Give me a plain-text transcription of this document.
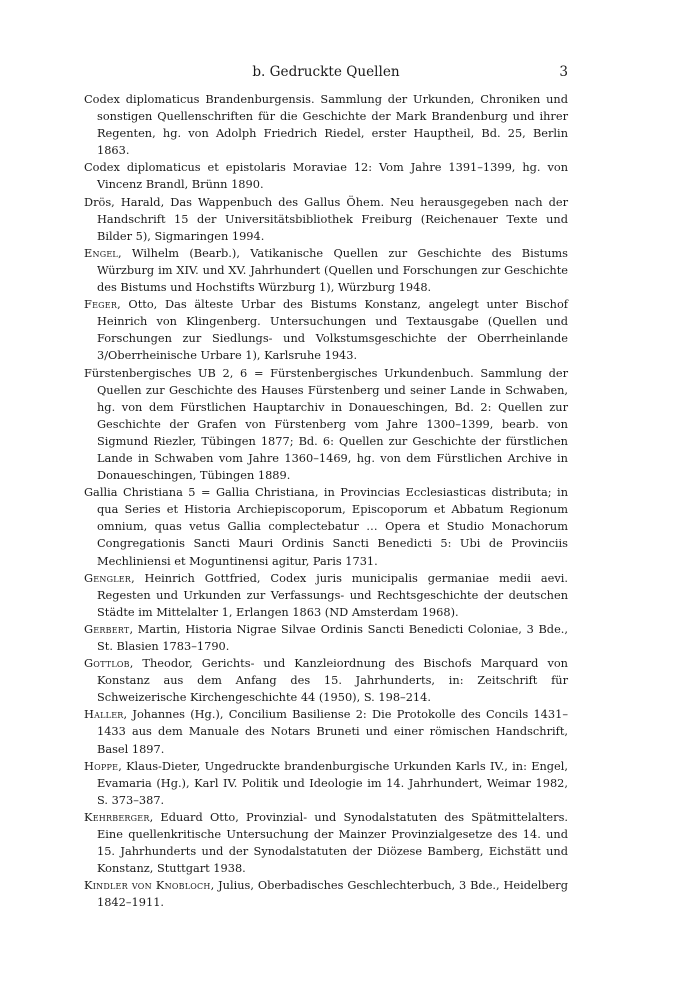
b. Gedruckte Quellen	3

Codex diplomaticus Brandenburgensis. Sammlung der Urkunden, Chroniken und sonstigen Quellenschriften für die Geschichte der Mark Brandenburg und ihrer Regenten, hg. von Adolph Friedrich Riedel, erster Hauptheil, Bd. 25, Berlin 1863.

Codex diplomaticus et epistolaris Moraviae 12: Vom Jahre 1391–1399, hg. von Vincenz Brandl, Brünn 1890.

Drös, Harald, Das Wappenbuch des Gallus Öhem. Neu herausgegeben nach der Handschrift 15 der Universitätsbibliothek Freiburg (Reichenauer Texte und Bilder 5), Sigmaringen 1994.

Engel, Wilhelm (Bearb.), Vatikanische Quellen zur Geschichte des Bistums Würzburg im XIV. und XV. Jahrhundert (Quellen und Forschungen zur Geschichte des Bistums und Hochstifts Würzburg 1), Würzburg 1948.

Feger, Otto, Das älteste Urbar des Bistums Konstanz, angelegt unter Bischof Heinrich von Klingenberg. Untersuchungen und Textausgabe (Quellen und Forschungen zur Siedlungs- und Volkstumsgeschichte der Oberrheinlande 3/Oberrheinische Urbare 1), Karlsruhe 1943.

Fürstenbergisches UB 2, 6 = Fürstenbergisches Urkundenbuch. Sammlung der Quellen zur Geschichte des Hauses Fürstenberg und seiner Lande in Schwaben, hg. von dem Fürstlichen Hauptarchiv in Donaueschingen, Bd. 2: Quellen zur Geschichte der Grafen von Fürstenberg vom Jahre 1300–1399, bearb. von Sigmund Riezler, Tübingen 1877; Bd. 6: Quellen zur Geschichte der fürstlichen Lande in Schwaben vom Jahre 1360–1469, hg. von dem Fürstlichen Archive in Donaueschingen, Tübingen 1889.

Gallia Christiana 5 = Gallia Christiana, in Provincias Ecclesiasticas distributa; in qua Series et Historia Archiepiscoporum, Episcoporum et Abbatum Regionum omnium, quas vetus Gallia complectebatur … Opera et Studio Monachorum Congregationis Sancti Mauri Ordinis Sancti Benedicti 5: Ubi de Provinciis Mechliniensi et Moguntinensi agitur, Paris 1731.

Gengler, Heinrich Gottfried, Codex juris municipalis germaniae medii aevi. Regesten und Urkunden zur Verfassungs- und Rechtsgeschichte der deutschen Städte im Mittelalter 1, Erlangen 1863 (ND Amsterdam 1968).

Gerbert, Martin, Historia Nigrae Silvae Ordinis Sancti Benedicti Coloniae, 3 Bde., St. Blasien 1783–1790.

Gottlob, Theodor, Gerichts- und Kanzleiordnung des Bischofs Marquard von Konstanz aus dem Anfang des 15. Jahrhunderts, in: Zeitschrift für Schweizerische Kirchengeschichte 44 (1950), S. 198–214.

Haller, Johannes (Hg.), Concilium Basiliense 2: Die Protokolle des Concils 1431–1433 aus dem Manuale des Notars Bruneti und einer römischen Handschrift, Basel 1897.

Hoppe, Klaus-Dieter, Ungedruckte brandenburgische Urkunden Karls IV., in: Engel, Evamaria (Hg.), Karl IV. Politik und Ideologie im 14. Jahrhundert, Weimar 1982, S. 373–387.

Kehrberger, Eduard Otto, Provinzial- und Synodalstatuten des Spätmittelalters. Eine quellenkritische Untersuchung der Mainzer Provinzialgesetze des 14. und 15. Jahrhunderts und der Synodalstatuten der Diözese Bamberg, Eichstätt und Konstanz, Stuttgart 1938.

Kindler von Knobloch, Julius, Oberbadisches Geschlechterbuch, 3 Bde., Heidelberg 1842–1911.
